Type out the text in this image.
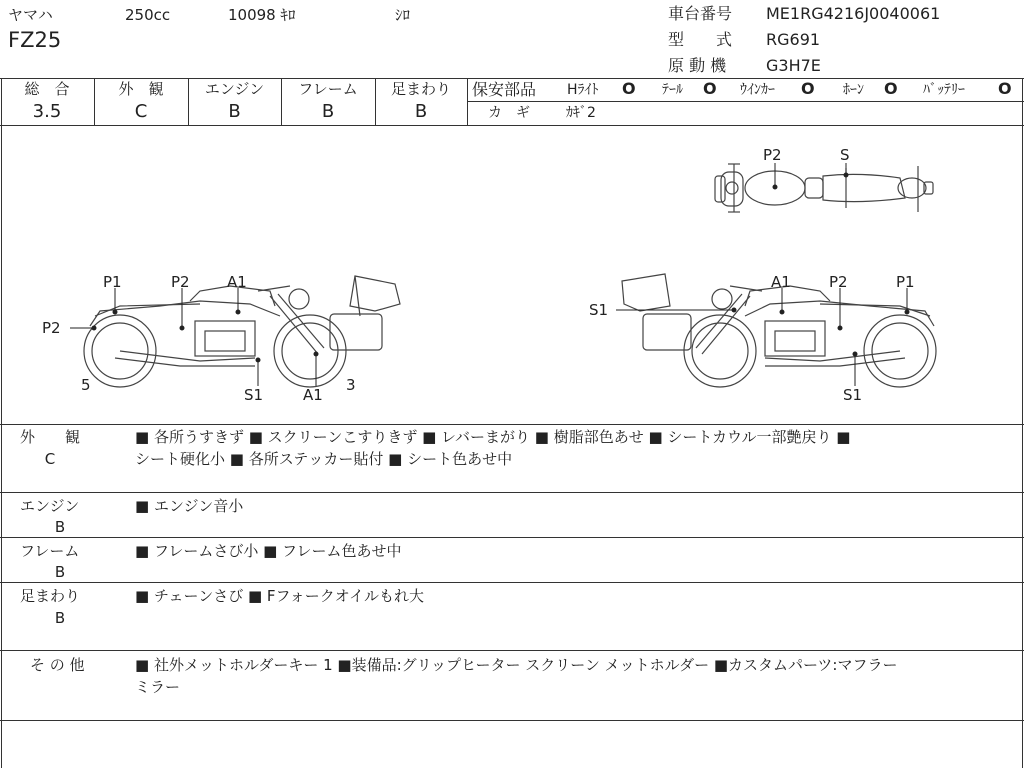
ヤマハ	250cc	10098 ｷﾛ	ｼﾛ
FZ25
車台番号 ME1RG4216J0040061
型　　式 RG691
原 動 機 G3H7E
総　合
3.5
外　観
C
エンジン
B
フレーム
B
足まわり
B
保安部品 Hﾗｲﾄ O ﾃｰﾙ O ｳｲﾝｶｰ O ﾎｰﾝ O ﾊﾞｯﾃﾘｰ O
カ　ギ	ｶｷﾞ2
P2	S
P1	P2 A1
P2
5
S1	A1
3
A1	P2	P1
S1
S1
外　　観
C
■ 各所うすきず ■ スクリーンこすりきず ■ レバーまがり ■ 樹脂部色あせ ■ シートカウル一部艶戻り ■
シート硬化小 ■ 各所ステッカー貼付 ■ シート色あせ中
エンジン
B
■ エンジン音小
フレーム
B
■ フレームさび小 ■ フレーム色あせ中
足まわり
B
■ チェーンさび ■ Fフォークオイルもれ大
そ の 他	■ 社外メットホルダーキー 1 ■装備品:グリップヒーター スクリーン メットホルダー ■カスタムパーツ:マフラー
ミラー
